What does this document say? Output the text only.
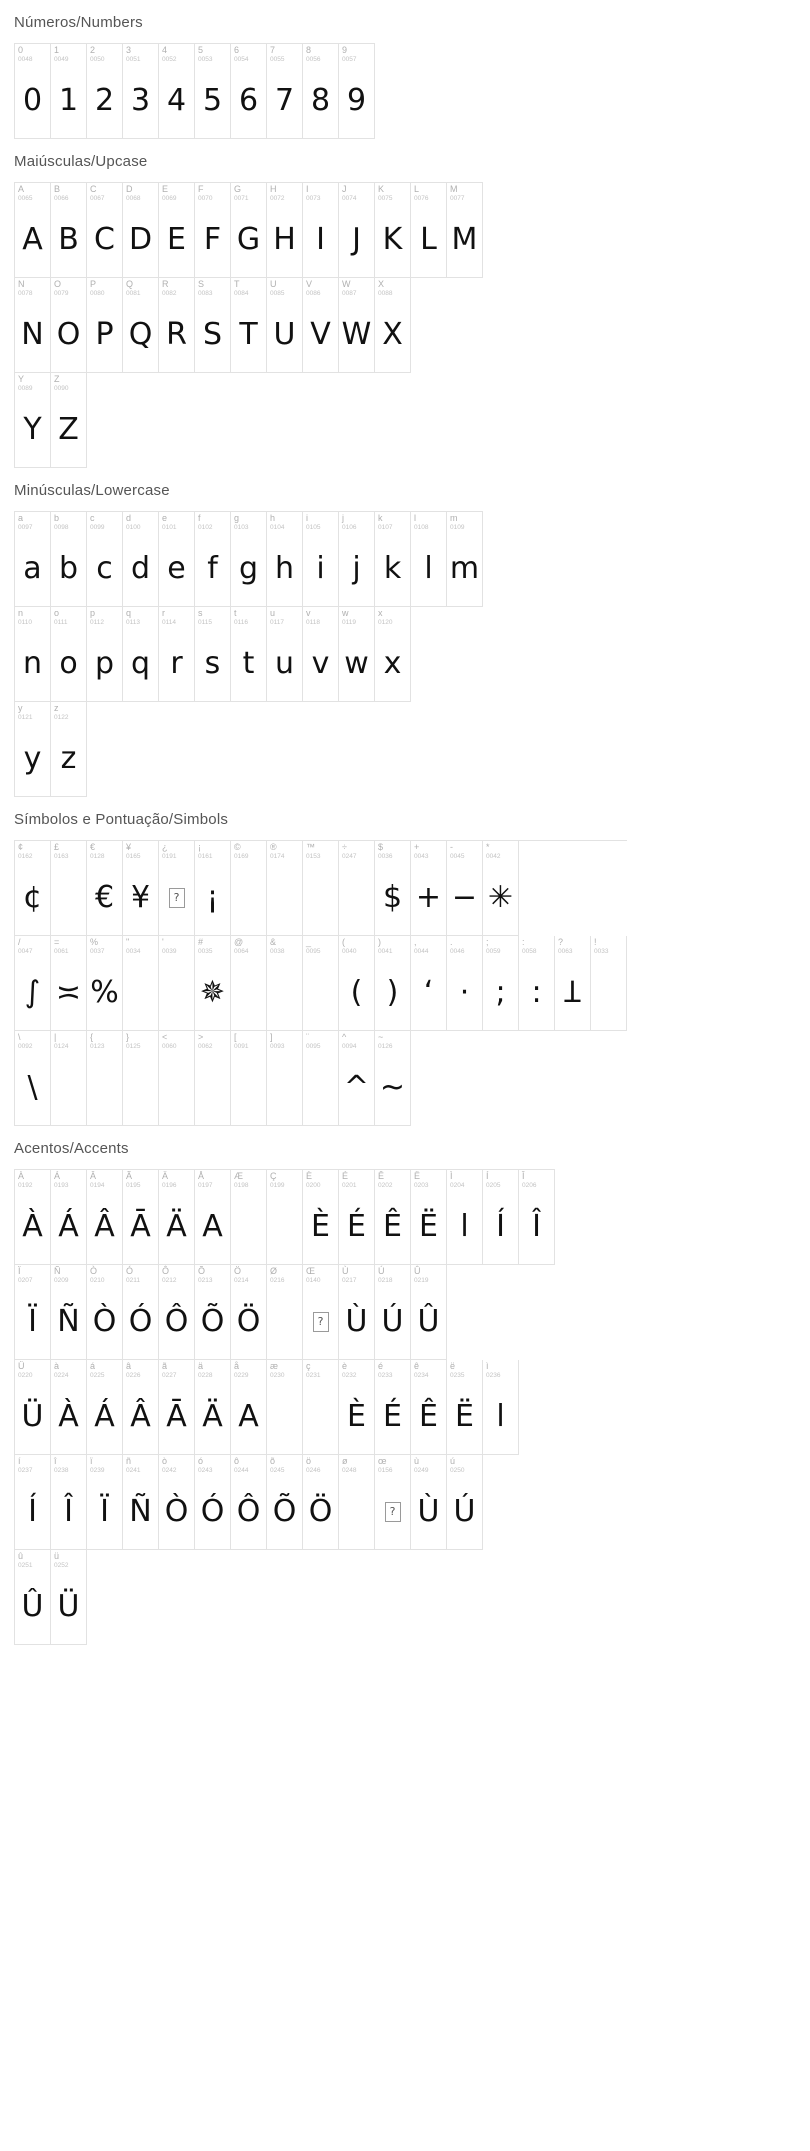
Números/Numbers
0
0048
0
1
0049
1
2
0050
2
3
0051
3
4
0052
4
5
0053
5
6
0054
6
7
0055
7
8
0056
8
9
0057
9
Maiúsculas/Upcase
A
0065
A
B
0066
B
C
0067
C
D
0068
D
E
0069
E
F
0070
F
G
0071
G
H
0072
H
I
0073
I
J
0074
J
K
0075
K
L
0076
L
M
0077
M
N
0078
N
O
0079
O
P
0080
P
Q
0081
Q
R
0082
R
S
0083
S
T
0084
T
U
0085
U
V
0086
V
W
0087
W
X
0088
X
Y
0089
Y
Z
0090
Z
Minúsculas/Lowercase
a
0097
a
b
0098
b
c
0099
c
d
0100
d
e
0101
e
f
0102
f
g
0103
g
h
0104
h
i
0105
i
j
0106
j
k
0107
k
l
0108
l
m
0109
m
n
0110
n
o
0111
o
p
0112
p
q
0113
q
r
0114
r
s
0115
s
t
0116
t
u
0117
u
v
0118
v
w
0119
w
x
0120
x
y
0121
y
z
0122
z
Símbolos e Pontuação/Simbols
¢
0162
¢
£
0163
€
0128
€
¥
0165
¥
¿
0191
?
¡
0161
¡
©
0169
®
0174
™
0153
÷
0247
$
0036
$
+
0043
+
-
0045
−
*
0042
✳
/
0047
∫
=
0061
≍
%
0037
%
"
0034
'
0039
#
0035
✵
@
0064
&
0038
_
0095
(
0040
(
)
0041
)
,
0044
ʻ
.
0046
·
;
0059
;
:
0058
:
?
0063
Ʇ
!
0033
\
0092
\
|
0124
{
0123
}
0125
<
0060
>
0062
[
0091
]
0093
¨
0095
^
0094
^
~
0126
~
Acentos/Accents
À
0192
À
Á
0193
Á
Â
0194
Â
Ã
0195
Ā
Ä
0196
Ä
Å
0197
A
Æ
0198
Ç
0199
È
0200
È
É
0201
É
Ê
0202
Ê
Ë
0203
Ë
Ì
0204
l
Í
0205
Í
Î
0206
Î
Ï
0207
Ï
Ñ
0209
Ñ
Ò
0210
Ò
Ó
0211
Ó
Ô
0212
Ô
Õ
0213
Õ
Ö
0214
Ö
Ø
0216
Œ
0140
?
Ù
0217
Ù
Ú
0218
Ú
Û
0219
Û
Ü
0220
Ü
à
0224
À
á
0225
Á
â
0226
Â
ã
0227
Ā
ä
0228
Ä
å
0229
A
æ
0230
ç
0231
è
0232
È
é
0233
É
ê
0234
Ê
ë
0235
Ë
ì
0236
l
í
0237
Í
î
0238
Î
ï
0239
Ï
ñ
0241
Ñ
ò
0242
Ò
ó
0243
Ó
ô
0244
Ô
õ
0245
Õ
ö
0246
Ö
ø
0248
œ
0156
?
ù
0249
Ù
ú
0250
Ú
û
0251
Û
ü
0252
Ü
